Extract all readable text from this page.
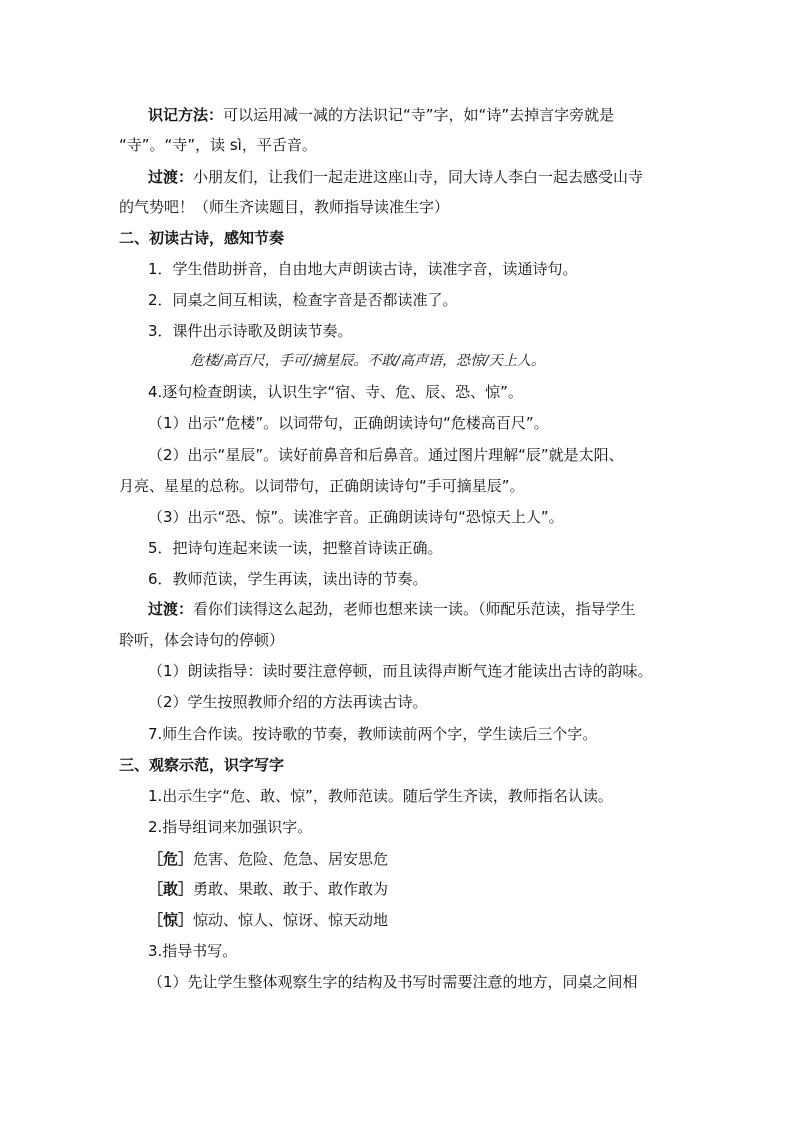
识记方法：可以运用减一减的方法识记“寺”字，如“诗”去掉言字旁就是
“寺”。“寺”，读 sì，平舌音。
过渡：小朋友们，让我们一起走进这座山寺，同大诗人李白一起去感受山寺
的气势吧！（师生齐读题目，教师指导读准生字）
二、初读古诗，感知节奏
1．学生借助拼音，自由地大声朗读古诗，读准字音，读通诗句。
2．同桌之间互相读，检查字音是否都读准了。
3．课件出示诗歌及朗读节奏。
危楼/高百尺，手可/摘星辰。不敢/高声语，恐惊/天上人。
4.逐句检查朗读，认识生字“宿、寺、危、辰、恐、惊”。
（1）出示“危楼”。以词带句，正确朗读诗句“危楼高百尺”。
（2）出示“星辰”。读好前鼻音和后鼻音。通过图片理解“辰”就是太阳、
月亮、星星的总称。以词带句，正确朗读诗句“手可摘星辰”。
（3）出示“恐、惊”。读准字音。正确朗读诗句“恐惊天上人”。
5．把诗句连起来读一读，把整首诗读正确。
6．教师范读，学生再读，读出诗的节奏。
过渡：看你们读得这么起劲，老师也想来读一读。（师配乐范读，指导学生
聆听，体会诗句的停顿）
（1）朗读指导：读时要注意停顿，而且读得声断气连才能读出古诗的韵味。
（2）学生按照教师介绍的方法再读古诗。
7.师生合作读。按诗歌的节奏，教师读前两个字，学生读后三个字。
三、观察示范，识字写字
1.出示生字“危、敢、惊”，教师范读。随后学生齐读，教师指名认读。
2.指导组词来加强识字。
［危］危害、危险、危急、居安思危
［敢］勇敢、果敢、敢于、敢作敢为
［惊］惊动、惊人、惊讶、惊天动地
3.指导书写。
（1）先让学生整体观察生字的结构及书写时需要注意的地方，同桌之间相
